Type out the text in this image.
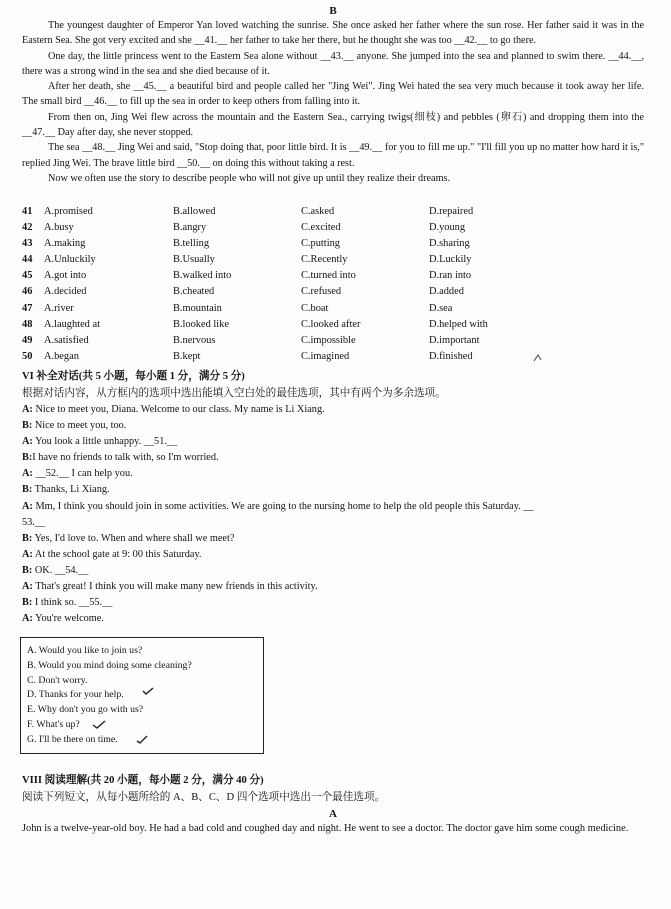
B

The youngest daughter of Emperor Yan loved watching the sunrise. She once asked her father where the sun rose. Her father said it was in the Eastern Sea. She got very excited and she __41.__ her father to take her there, but he thought she was too __42.__ to go there.

One day, the little princess went to the Eastern Sea alone without __43.__ anyone. She jumped into the sea and planned to swim there. __44.__, there was a strong wind in the sea and she died because of it.

After her death, she __45.__ a beautiful bird and people called her "Jing Wei". Jing Wei hated the sea very much because it took away her life. The small bird __46.__ to fill up the sea in order to keep others from falling into it.

From then on, Jing Wei flew across the mountain and the Eastern Sea., carrying twigs(细枝) and pebbles (卵石) and dropping them into the __47.__ Day after day, she never stopped.

The sea __48.__ Jing Wei and said, "Stop doing that, poor little bird. It is __49.__ for you to fill me up." "I'll fill you up no matter how hard it is," replied Jing Wei. The brave little bird __50.__ on doing this without taking a rest.

Now we often use the story to describe people who will not give up until they realize their dreams.

41	A.promised	B.allowed	C.asked	D.repaired
42	A.busy	B.angry	C.excited	D.young
43	A.making	B.telling	C.putting	D.sharing
44	A.Unluckily	B.Usually	C.Recently	D.Luckily
45	A.got into	B.walked into	C.turned into	D.ran into
46	A.decided	B.cheated	C.refused	D.added
47	A.river	B.mountain	C.boat	D.sea
48	A.laughted at	B.looked like	C.looked after	D.helped with
49	A.satisfied	B.nervous	C.impossible	D.important
50	A.began	B.kept	C.imagined	D.finished
VI 补全对话(共 5 小题，每小题 1 分，满分 5 分)
根据对话内容，从方框内的选项中选出能填入空白处的最佳选项，其中有两个为多余选项。
A: Nice to meet you, Diana. Welcome to our class. My name is Li Xiang.
B: Nice to meet you, too.
A: You look a little unhappy. __51.__
B:I have no friends to talk with, so I'm worried.
A: __52.__ I can help you.
B: Thanks, Li Xiang.
A: Mm, I think you should join in some activities. We are going to the nursing home to help the old people this Saturday. __
53.__
B: Yes, I'd love to. When and where shall we meet?
A: At the school gate at 9: 00 this Saturday.
B: OK. __54.__
A: That's great! I think you will make many new friends in this activity.
B: I think so. __55.__
A: You're welcome.
A. Would you like to join us?
B. Would you mind doing some cleaning?
C. Don't worry.
D. Thanks for your help.
E. Why don't you go with us?
F. What's up?
G. I'll be there on time.
VIII 阅读理解(共 20 小题，每小题 2 分，满分 40 分)
阅读下列短文，从每小题所给的 A、B、C、D 四个选项中选出一个最佳选项。
A

John is a twelve-year-old boy. He had a bad cold and coughed day and night. He went to see a doctor. The doctor gave him some cough medicine.
